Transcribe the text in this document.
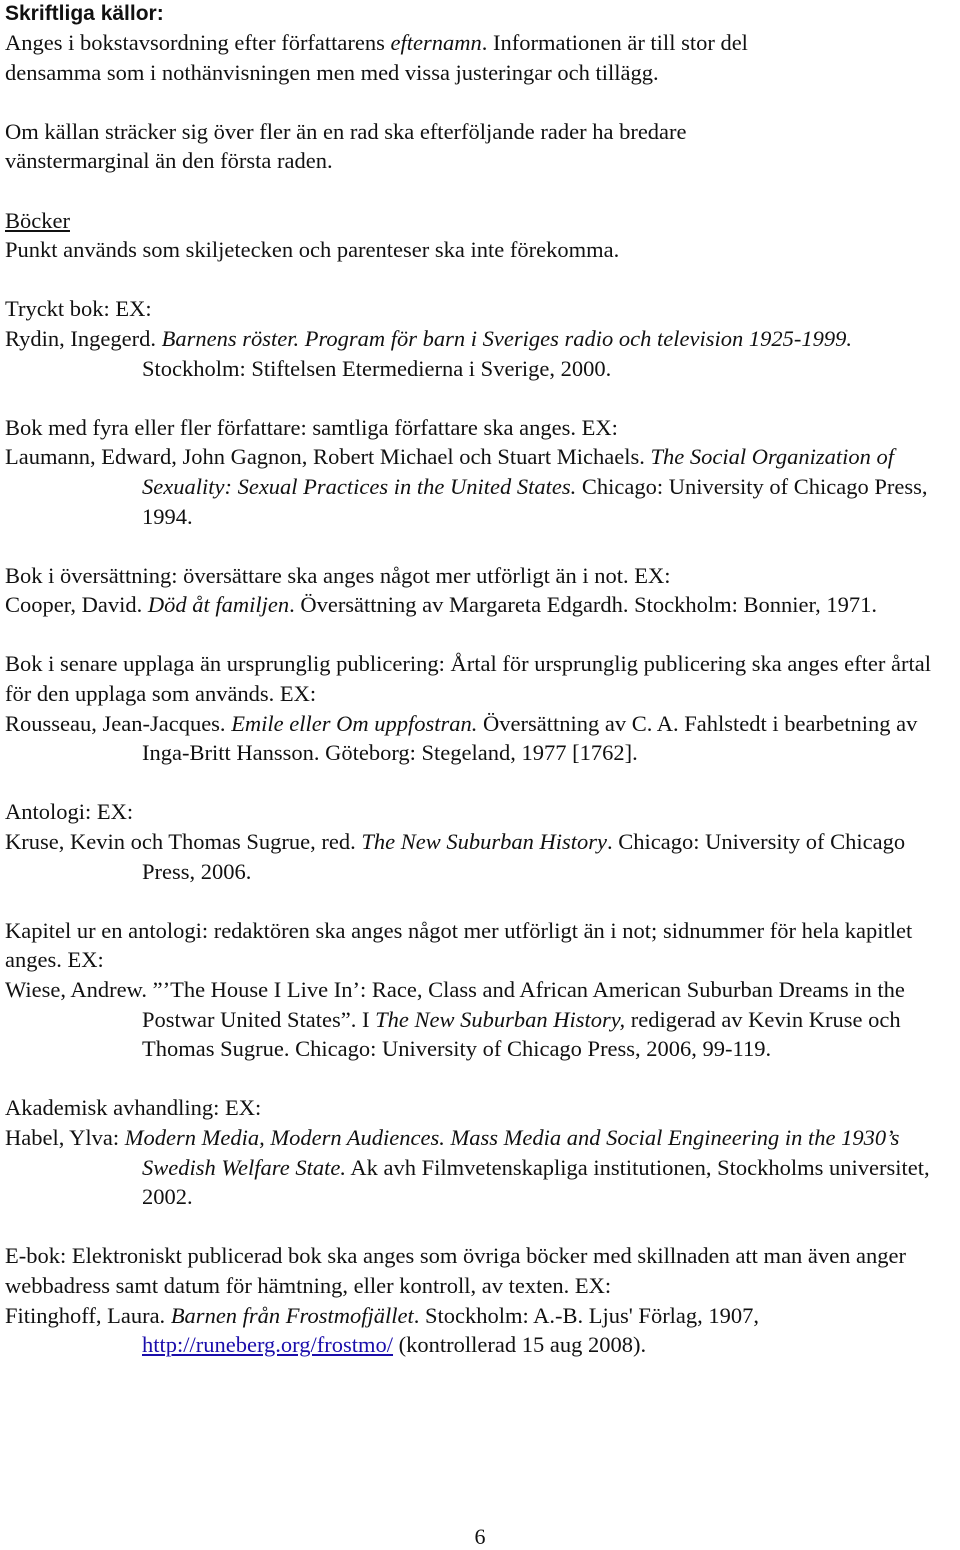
Skriftliga källor:

Anges i bokstavsordning efter författarens efternamn. Informationen är till stor del

densamma som i nothänvisningen men med vissa justeringar och tillägg.

Om källan sträcker sig över fler än en rad ska efterföljande rader ha bredare

vänstermarginal än den första raden.

Böcker

Punkt används som skiljetecken och parenteser ska inte förekomma.

Tryckt bok: EX:

Rydin, Ingegerd. Barnens röster. Program för barn i Sveriges radio och television 1925-1999. Stockholm: Stiftelsen Etermedierna i Sverige, 2000.

Bok med fyra eller fler författare: samtliga författare ska anges. EX:

Laumann, Edward, John Gagnon, Robert Michael och Stuart Michaels. The Social Organization of Sexuality: Sexual Practices in the United States. Chicago: University of Chicago Press, 1994.

Bok i översättning: översättare ska anges något mer utförligt än i not. EX:

Cooper, David. Död åt familjen. Översättning av Margareta Edgardh. Stockholm: Bonnier, 1971.

Bok i senare upplaga än ursprunglig publicering: Årtal för ursprunglig publicering ska anges efter årtal för den upplaga som används. EX:

Rousseau, Jean-Jacques. Emile eller Om uppfostran. Översättning av C. A. Fahlstedt i bearbetning av Inga-Britt Hansson. Göteborg: Stegeland, 1977 [1762].

Antologi: EX:

Kruse, Kevin och Thomas Sugrue, red. The New Suburban History. Chicago: University of Chicago Press, 2006.

Kapitel ur en antologi: redaktören ska anges något mer utförligt än i not; sidnummer för hela kapitlet anges. EX:

Wiese, Andrew. ”’The House I Live In’: Race, Class and African American Suburban Dreams in the Postwar United States”. I The New Suburban History, redigerad av Kevin Kruse och Thomas Sugrue. Chicago: University of Chicago Press, 2006, 99-119.

Akademisk avhandling: EX:

Habel, Ylva: Modern Media, Modern Audiences. Mass Media and Social Engineering in the 1930’s Swedish Welfare State. Ak avh Filmvetenskapliga institutionen, Stockholms universitet, 2002.

E-bok: Elektroniskt publicerad bok ska anges som övriga böcker med skillnaden att man även anger webbadress samt datum för hämtning, eller kontroll, av texten. EX:

Fitinghoff, Laura. Barnen från Frostmofjället. Stockholm: A.-B. Ljus' Förlag, 1907, http://runeberg.org/frostmo/ (kontrollerad 15 aug 2008).

6
